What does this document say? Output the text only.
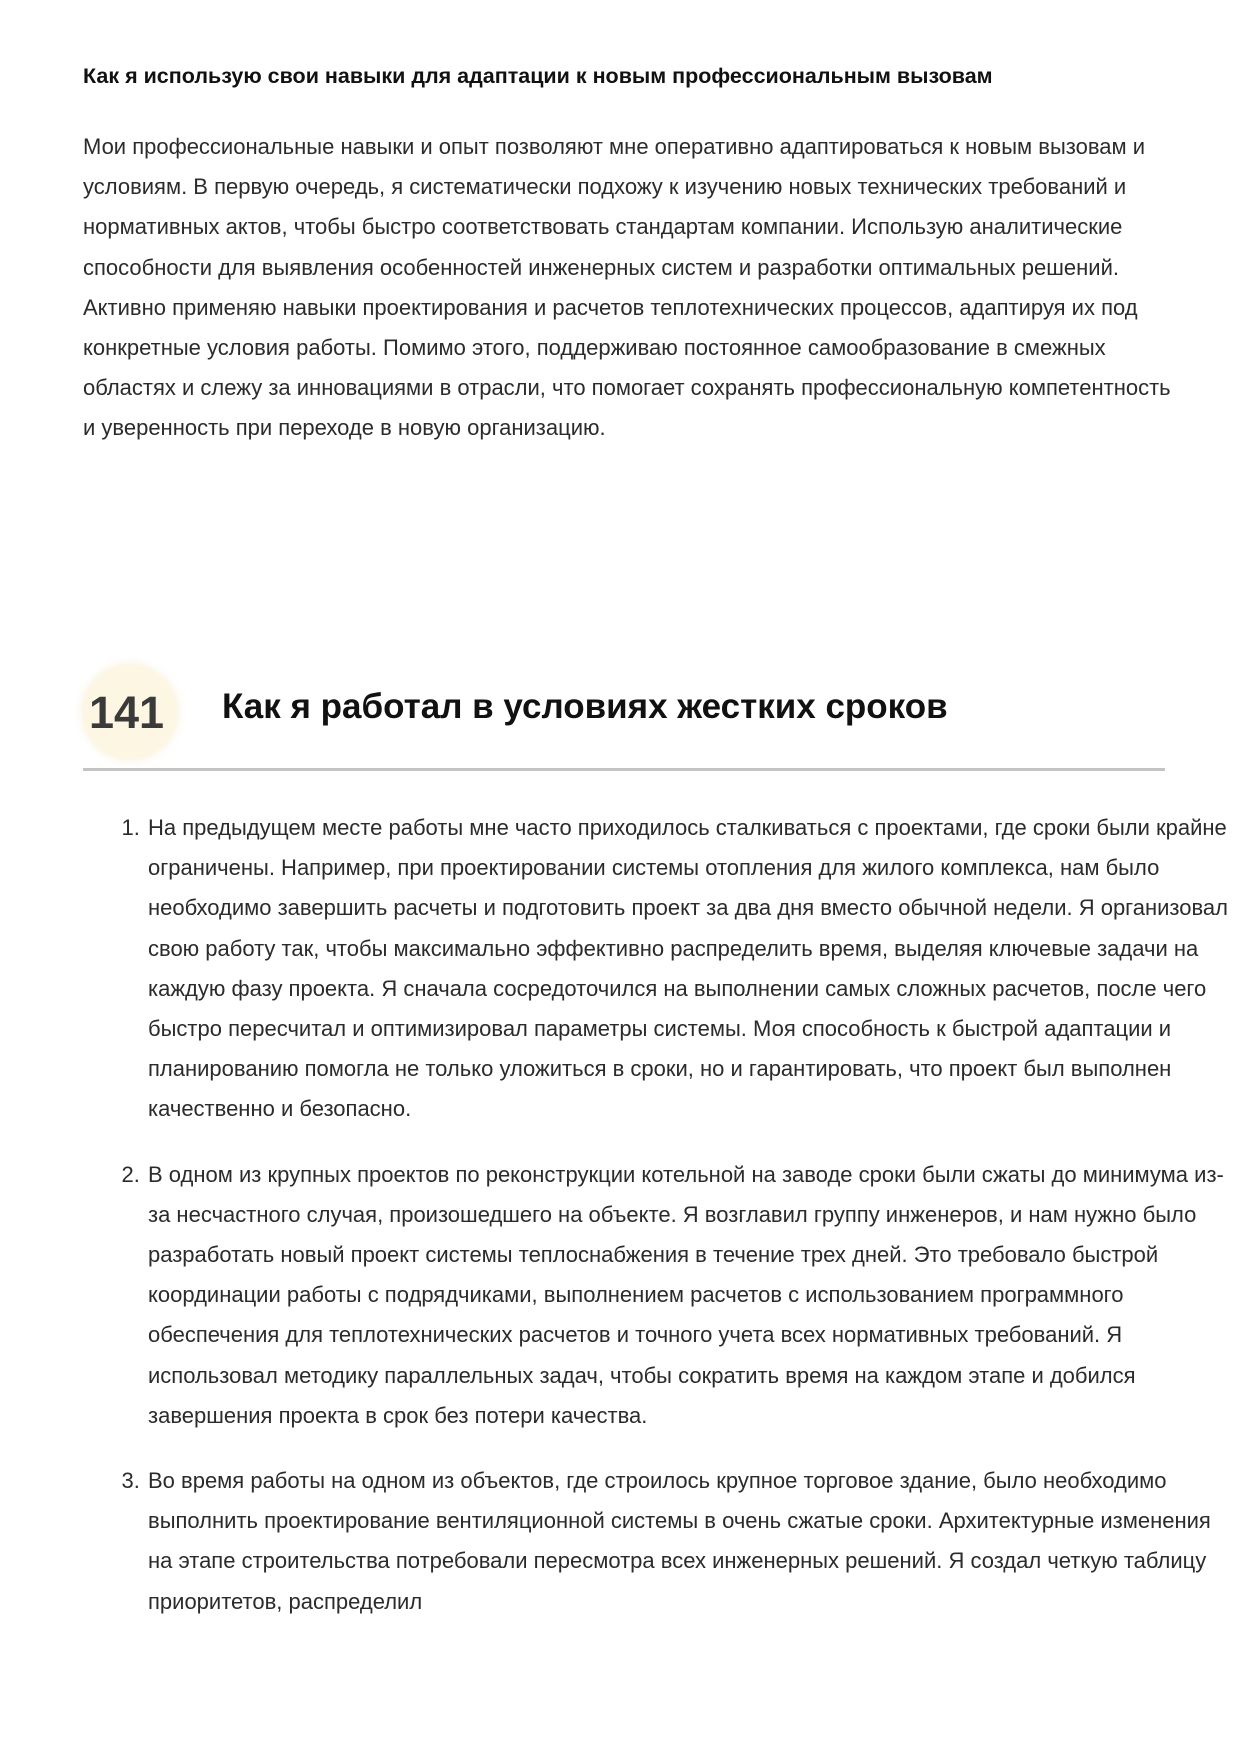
Как я использую свои навыки для адаптации к новым профессиональным вызовам

Мои профессиональные навыки и опыт позволяют мне оперативно адаптироваться к новым вызовам и условиям. В первую очередь, я систематически подхожу к изучению новых технических требований и нормативных актов, чтобы быстро соответствовать стандартам компании. Использую аналитические способности для выявления особенностей инженерных систем и разработки оптимальных решений. Активно применяю навыки проектирования и расчетов теплотехнических процессов, адаптируя их под конкретные условия работы. Помимо этого, поддерживаю постоянное самообразование в смежных областях и слежу за инновациями в отрасли, что помогает сохранять профессиональную компетентность и уверенность при переходе в новую организацию.

141 Как я работал в условиях жестких сроков
1. На предыдущем месте работы мне часто приходилось сталкиваться с проектами, где сроки были крайне ограничены. Например, при проектировании системы отопления для жилого комплекса, нам было необходимо завершить расчеты и подготовить проект за два дня вместо обычной недели. Я организовал свою работу так, чтобы максимально эффективно распределить время, выделяя ключевые задачи на каждую фазу проекта. Я сначала сосредоточился на выполнении самых сложных расчетов, после чего быстро пересчитал и оптимизировал параметры системы. Моя способность к быстрой адаптации и планированию помогла не только уложиться в сроки, но и гарантировать, что проект был выполнен качественно и безопасно.
2. В одном из крупных проектов по реконструкции котельной на заводе сроки были сжаты до минимума из-за несчастного случая, произошедшего на объекте. Я возглавил группу инженеров, и нам нужно было разработать новый проект системы теплоснабжения в течение трех дней. Это требовало быстрой координации работы с подрядчиками, выполнением расчетов с использованием программного обеспечения для теплотехнических расчетов и точного учета всех нормативных требований. Я использовал методику параллельных задач, чтобы сократить время на каждом этапе и добился завершения проекта в срок без потери качества.
3. Во время работы на одном из объектов, где строилось крупное торговое здание, было необходимо выполнить проектирование вентиляционной системы в очень сжатые сроки. Архитектурные изменения на этапе строительства потребовали пересмотра всех инженерных решений. Я создал четкую таблицу приоритетов, распределил
